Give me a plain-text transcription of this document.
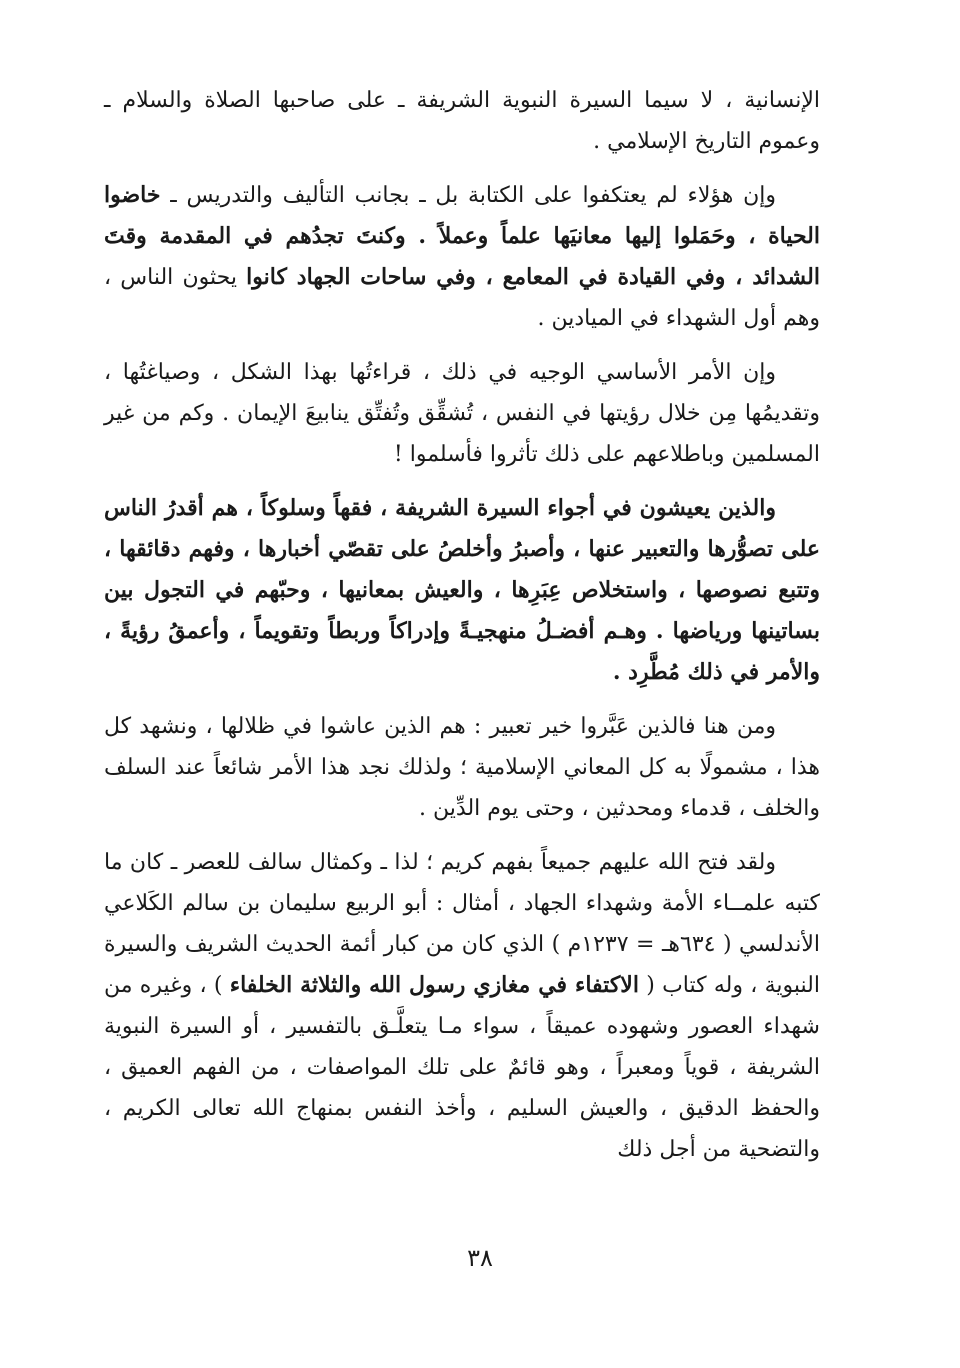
الإنسانية ، لا سيما السيرة النبوية الشريفة ـ على صاحبها الصلاة والسلام ـ وعموم التاريخ الإسلامي .

وإن هؤلاء لم يعتكفوا على الكتابة بل ـ بجانب التأليف والتدريس ـ خاضوا الحياة ، وحَمَلوا إليها معانيَها علماً وعملاً . وكنتَ تجدُهم في المقدمة وقتَ الشدائد ، وفي القيادة في المعامع ، وفي ساحات الجهاد كانوا يحثون الناس ، وهم أول الشهداء في الميادين .

وإن الأمر الأساسي الوجيه في ذلك ، قراءتُها بهذا الشكل ، وصياغتُها ، وتقديمُها مِن خلال رؤيتها في النفس ، تُشقِّق وتُفتِّق ينابيعَ الإيمان . وكم من غير المسلمين وباطلاعهم على ذلك تأثروا فأسلموا !

والذين يعيشون في أجواء السيرة الشريفة ، فقهاً وسلوكاً ، هم أقدرُ الناس على تصوُّرها والتعبير عنها ، وأصبرُ وأخلصُ على تقصّي أخبارها ، وفهم دقائقها ، وتتبع نصوصها ، واستخلاص عِبَرِها ، والعيش بمعانيها ، وحبّهم في التجول بين بساتينها ورياضها . وهـم أفضـلُ منهجيـةً وإدراكاً وربطاً وتقويماً ، وأعمقُ رؤيةً ، والأمر في ذلك مُطَّرِد .

ومن هنا فالذين عَبَّروا خير تعبير : هم الذين عاشوا في ظلالها ، ونشهد كل هذا ، مشمولًا به كل المعاني الإسلامية ؛ ولذلك نجد هذا الأمر شائعاً عند السلف والخلف ، قدماء ومحدثين ، وحتى يوم الدِّين .

ولقد فتح الله عليهم جميعاً بفهم كريم ؛ لذا ـ وكمثال سالف للعصر ـ كان ما كتبه علمــاء الأمة وشهداء الجهاد ، أمثال : أبو الربيع سليمان بن سالم الكَلاعي الأندلسي ( ٦٣٤هـ = ١٢٣٧م ) الذي كان من كبار أئمة الحديث الشريف والسيرة النبوية ، وله كتاب ( الاكتفاء في مغازي رسول الله والثلاثة الخلفاء ) ، وغيره من شهداء العصور وشهوده عميقاً ، سواء مـا يتعلَّـق بالتفسير ، أو السيرة النبوية الشريفة ، قوياً ومعبراً ، وهو قائمٌ على تلك المواصفات ، من الفهم العميق ، والحفظ الدقيق ، والعيش السليم ، وأخذ النفس بمنهاج الله تعالى الكريم ، والتضحية من أجل ذلك

٣٨
